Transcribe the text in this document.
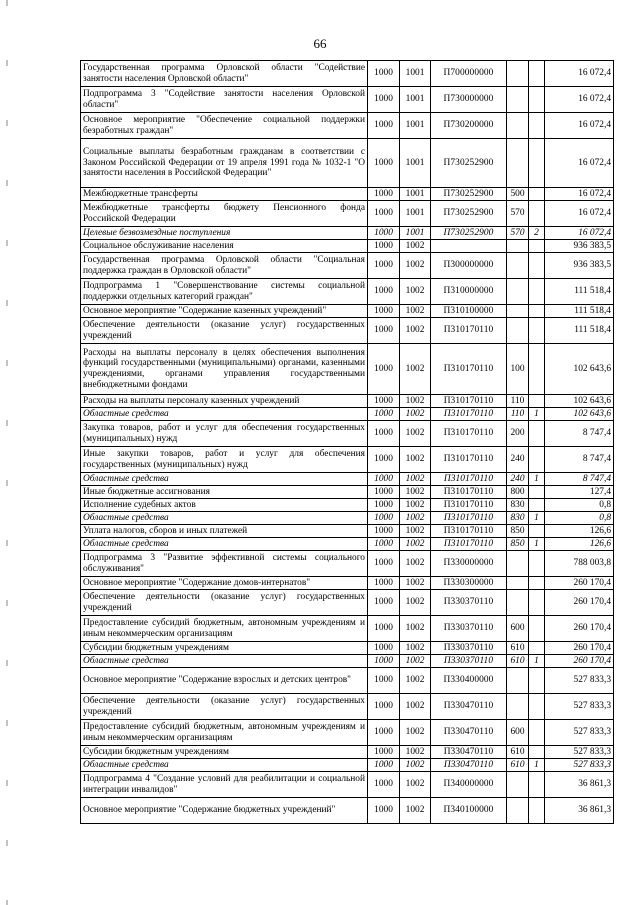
66
Государственная программа Орловской области "Содействие занятости населения Орловской области"	1000	1001	П700000000			16 072,4
Подпрограмма 3 "Содействие занятости населения Орловской области"	1000	1001	П730000000			16 072,4
Основное мероприятие "Обеспечение социальной поддержки безработных граждан"	1000	1001	П730200000			16 072,4
Социальные выплаты безработным гражданам в соответствии с Законом Российской Федерации от 19 апреля 1991 года № 1032-1 "О занятости населения в Российской Федерации"	1000	1001	П730252900			16 072,4
Межбюджетные трансферты	1000	1001	П730252900	500		16 072,4
Межбюджетные трансферты бюджету Пенсионного фонда Российской Федерации	1000	1001	П730252900	570		16 072,4
Целевые безвозмездные поступления	1000	1001	П730252900	570	2	16 072,4
Социальное обслуживание населения	1000	1002				936 383,5
Государственная программа Орловской области "Социальная поддержка граждан в Орловской области"	1000	1002	П300000000			936 383,5
Подпрограмма 1 "Совершенствование системы социальной поддержки отдельных категорий граждан"	1000	1002	П310000000			111 518,4
Основное мероприятие "Содержание казенных учреждений"	1000	1002	П310100000			111 518,4
Обеспечение деятельности (оказание услуг) государственных учреждений	1000	1002	П310170110			111 518,4
Расходы на выплаты персоналу в целях обеспечения выполнения функций государственными (муниципальными) органами, казенными учреждениями, органами управления государственными внебюджетными фондами	1000	1002	П310170110	100		102 643,6
Расходы на выплаты персоналу казенных учреждений	1000	1002	П310170110	110		102 643,6
Областные средства	1000	1002	П310170110	110	1	102 643,6
Закупка товаров, работ и услуг для обеспечения государственных (муниципальных) нужд	1000	1002	П310170110	200		8 747,4
Иные закупки товаров, работ и услуг для обеспечения государственных (муниципальных) нужд	1000	1002	П310170110	240		8 747,4
Областные средства	1000	1002	П310170110	240	1	8 747,4
Иные бюджетные ассигнования	1000	1002	П310170110	800		127,4
Исполнение судебных актов	1000	1002	П310170110	830		0,8
Областные средства	1000	1002	П310170110	830	1	0,8
Уплата налогов, сборов и иных платежей	1000	1002	П310170110	850		126,6
Областные средства	1000	1002	П310170110	850	1	126,6
Подпрограмма 3 "Развитие эффективной системы социального обслуживания"	1000	1002	П330000000			788 003,8
Основное мероприятие "Содержание домов-интернатов"	1000	1002	П330300000			260 170,4
Обеспечение деятельности (оказание услуг) государственных учреждений	1000	1002	П330370110			260 170,4
Предоставление субсидий бюджетным, автономным учреждениям и иным некоммерческим организациям	1000	1002	П330370110	600		260 170,4
Субсидии бюджетным учреждениям	1000	1002	П330370110	610		260 170,4
Областные средства	1000	1002	П330370110	610	1	260 170,4
Основное мероприятие "Содержание взрослых и детских центров"	1000	1002	П330400000			527 833,3
Обеспечение деятельности (оказание услуг) государственных учреждений	1000	1002	П330470110			527 833,3
Предоставление субсидий бюджетным, автономным учреждениям и иным некоммерческим организациям	1000	1002	П330470110	600		527 833,3
Субсидии бюджетным учреждениям	1000	1002	П330470110	610		527 833,3
Областные средства	1000	1002	П330470110	610	1	527 833,3
Подпрограмма 4 "Создание условий для реабилитации и социальной интеграции инвалидов"	1000	1002	П340000000			36 861,3
Основное мероприятие "Содержание бюджетных учреждений"	1000	1002	П340100000			36 861,3
